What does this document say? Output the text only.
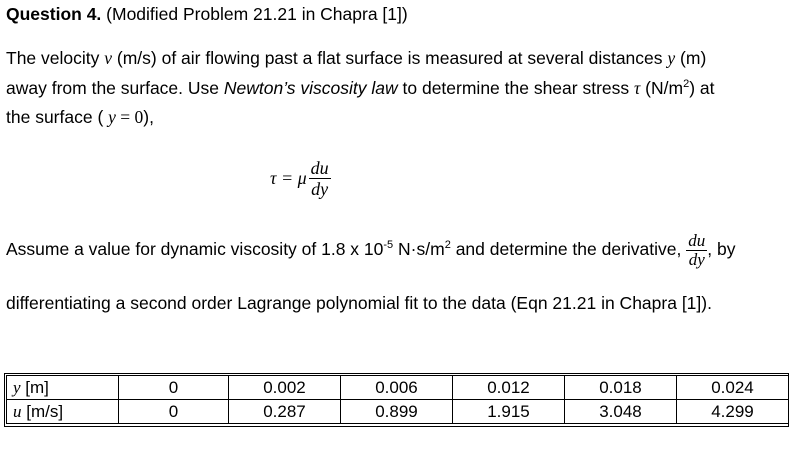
Question 4. (Modified Problem 21.21 in Chapra [1])
The velocity v (m/s) of air flowing past a flat surface is measured at several distances y (m)
away from the surface. Use Newton’s viscosity law to determine the shear stress τ $(N/m^2)$ at
the surface ( y = 0),
τ = μ $\frac{du}{dy}$
Assume a value for dynamic viscosity of 1.8 x $10^{-5}$ $N\cdot s/m^2$ and determine the derivative, $\frac{du}{dy}$ , by
differentiating a second order Lagrange polynomial fit to the data (Eqn 21.21 in Chapra [1]).
y [m]	0	0.002	0.006	0.012	0.018	0.024
u [m/s]	0	0.287	0.899	1.915	3.048	4.299
